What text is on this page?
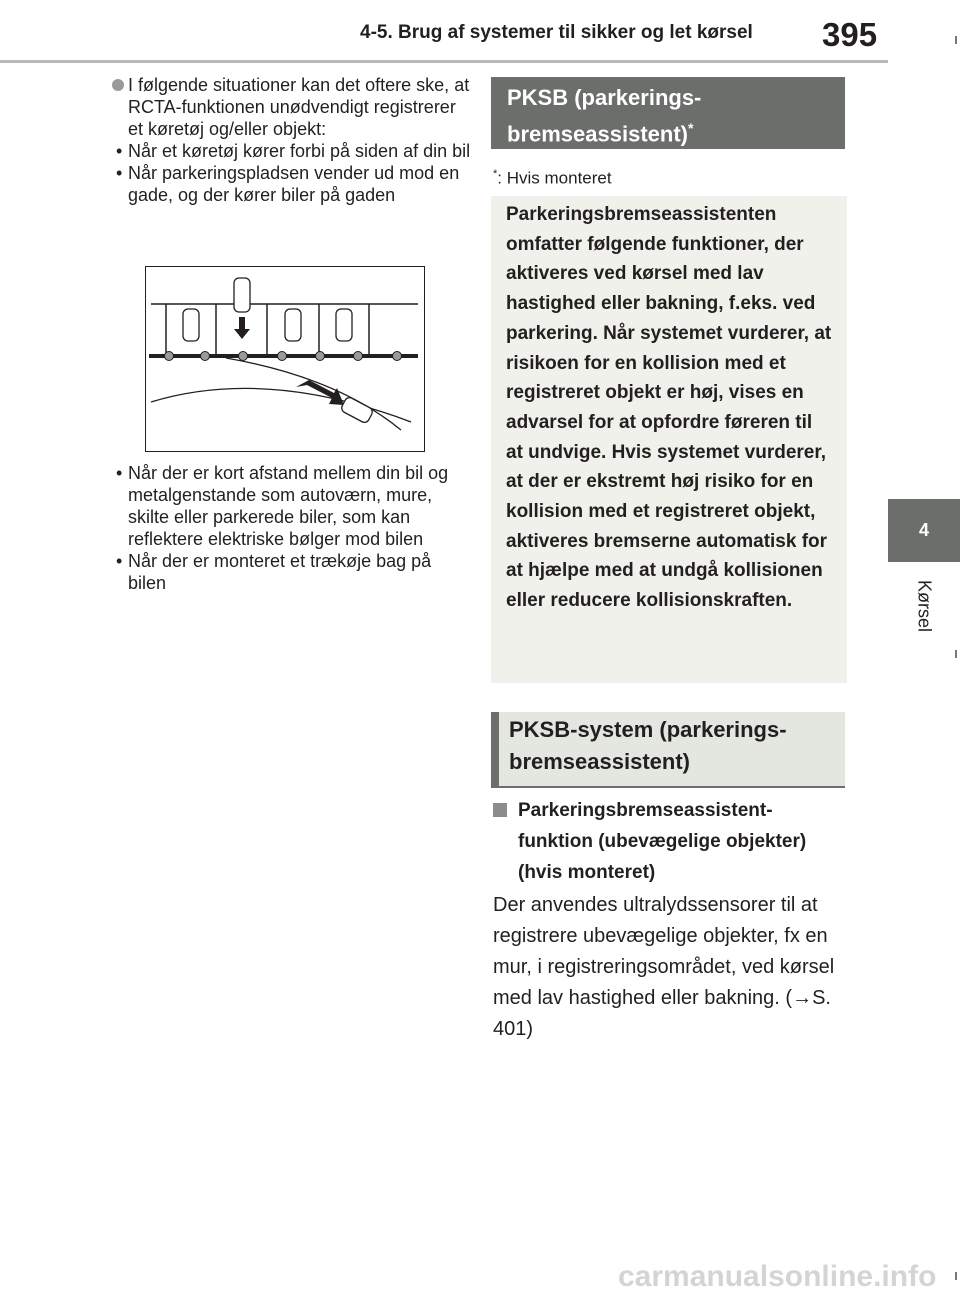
4-5. Brug af systemer til sikker og let kørsel 395
4
Kørsel
I følgende situationer kan det oftere ske, at RCTA-funktionen unødvendigt registrerer et køretøj og/eller objekt:
• Når et køretøj kører forbi på siden af din bil
• Når parkeringspladsen vender ud mod en gade, og der kører biler på gaden
• Når der er kort afstand mellem din bil og metalgenstande som autoværn, mure, skilte eller parkerede biler, som kan reflektere elektriske bølger mod bilen
• Når der er monteret et trækøje bag på bilen
PKSB (parkerings-
bremseassistent)*
*: Hvis monteret
Parkeringsbremseassistenten omfatter følgende funktioner, der aktiveres ved kørsel med lav hastighed eller bakning, f.eks. ved parkering. Når systemet vurderer, at risikoen for en kollision med et registreret objekt er høj, vises en advarsel for at opfordre føreren til at undvige. Hvis systemet vurderer, at der er ekstremt høj risiko for en kollision med et registreret objekt, aktiveres bremserne automatisk for at hjælpe med at undgå kollisionen eller reducere kollisionskraften.
PKSB-system (parkerings-
bremseassistent)
Parkeringsbremseassistent-funktion (ubevægelige objekter) (hvis monteret)
Der anvendes ultralydssensorer til at registrere ubevægelige objekter, fx en mur, i registreringsområdet, ved kørsel med lav hastighed eller bakning. (→S. 401)
carmanualsonline.info
